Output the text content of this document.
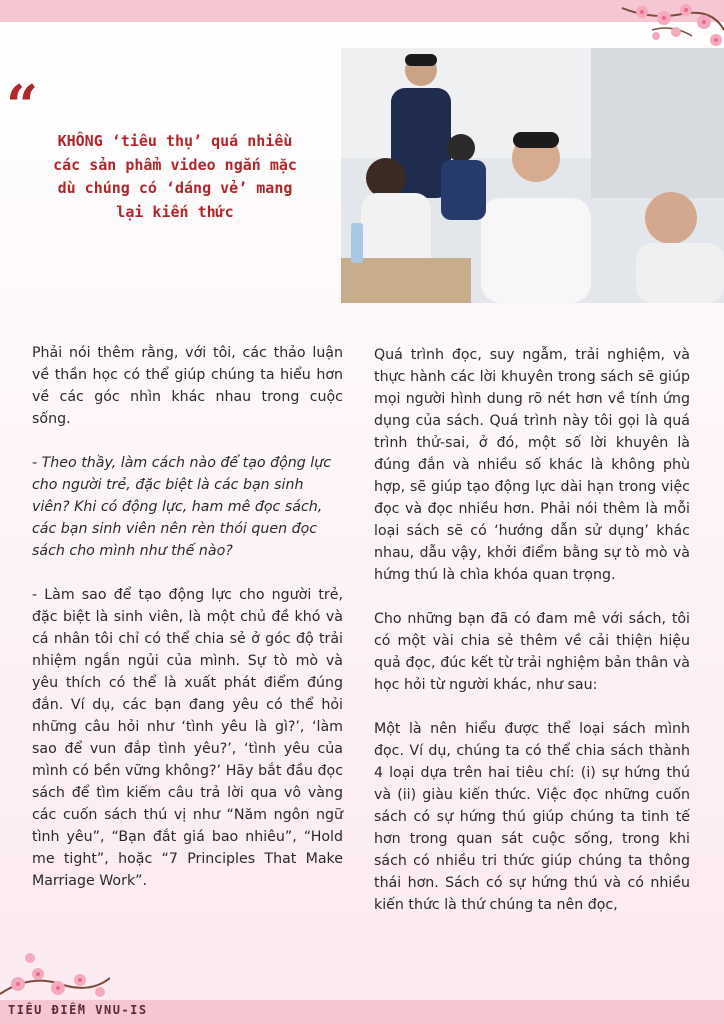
“
KHÔNG ‘tiêu thụ’ quá nhiều các sản phẩm video ngắn mặc dù chúng có ‘dáng vẻ’ mang lại kiến thức

Phải nói thêm rằng, với tôi, các thảo luận về thần học có thể giúp chúng ta hiểu hơn về các góc nhìn khác nhau trong cuộc sống.

- Theo thầy, làm cách nào để tạo động lực cho người trẻ, đặc biệt là các bạn sinh viên? Khi có động lực, ham mê đọc sách, các bạn sinh viên nên rèn thói quen đọc sách cho mình như thế nào?

- Làm sao để tạo động lực cho người trẻ, đặc biệt là sinh viên, là một chủ đề khó và cá nhân tôi chỉ có thể chia sẻ ở góc độ trải nhiệm ngắn ngủi của mình. Sự tò mò và yêu thích có thể là xuất phát điểm đúng đắn. Ví dụ, các bạn đang yêu có thể hỏi những câu hỏi như ‘tình yêu là gì?’, ‘làm sao để vun đắp tình yêu?’, ‘tình yêu của mình có bền vững không?’ Hãy bắt đầu đọc sách để tìm kiếm câu trả lời qua vô vàng các cuốn sách thú vị như “Năm ngôn ngữ tình yêu”, “Bạn đắt giá bao nhiêu”, “Hold me tight”, hoặc “7 Principles That Make Marriage Work”.

Quá trình đọc, suy ngẫm, trải nghiệm, và thực hành các lời khuyên trong sách sẽ giúp mọi người hình dung rõ nét hơn về tính ứng dụng của sách. Quá trình này tôi gọi là quá trình thử-sai, ở đó, một số lời khuyên là đúng đắn và nhiều số khác là không phù hợp, sẽ giúp tạo động lực dài hạn trong việc đọc và đọc nhiều hơn. Phải nói thêm là mỗi loại sách sẽ có ‘hướng dẫn sử dụng’ khác nhau, dẫu vậy, khởi điểm bằng sự tò mò và hứng thú là chìa khóa quan trọng.

Cho những bạn đã có đam mê với sách, tôi có một vài chia sẻ thêm về cải thiện hiệu quả đọc, đúc kết từ trải nghiệm bản thân và học hỏi từ người khác, như sau:

Một là nên hiểu được thể loại sách mình đọc. Ví dụ, chúng ta có thể chia sách thành 4 loại dựa trên hai tiêu chí: (i) sự hứng thú và (ii) giàu kiến thức. Việc đọc những cuốn sách có sự hứng thú giúp chúng ta tinh tế hơn trong quan sát cuộc sống, trong khi sách có nhiều tri thức giúp chúng ta thông thái hơn. Sách có sự hứng thú và có nhiều kiến thức là thứ chúng ta nên đọc,

TIÊU ĐIỂM VNU-IS
